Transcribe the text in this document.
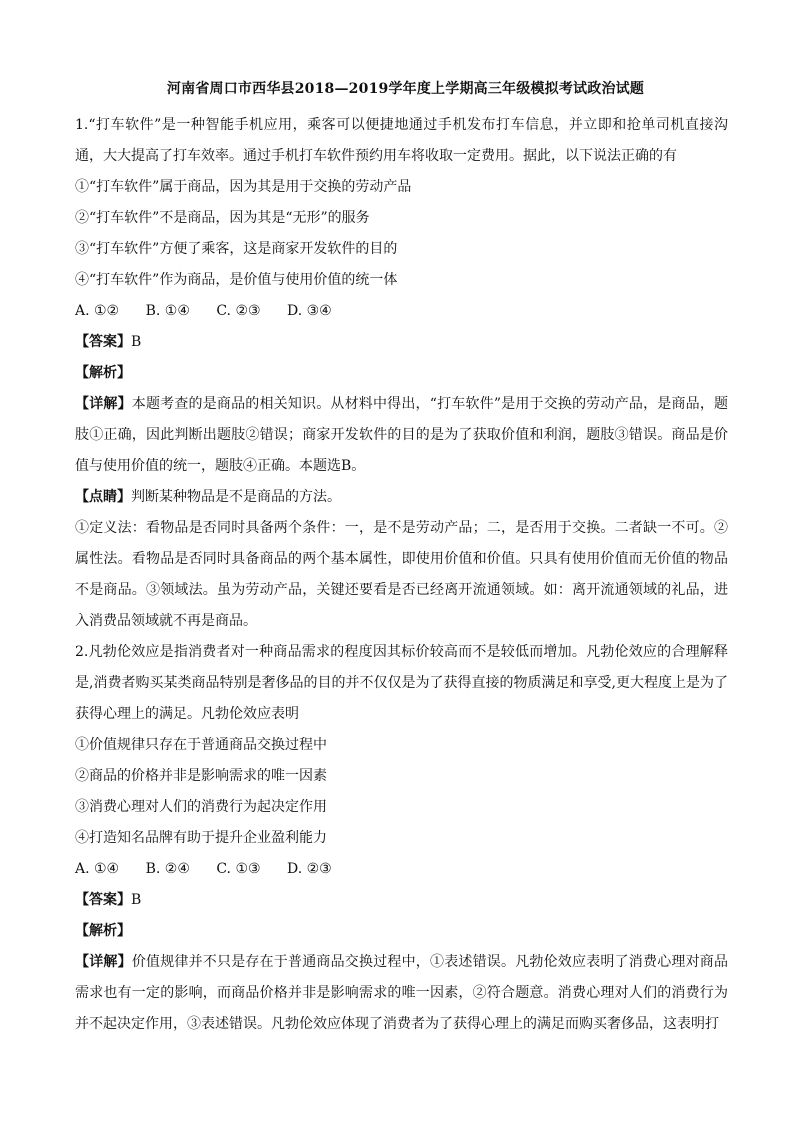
河南省周口市西华县2018—2019学年度上学期高三年级模拟考试政治试题
1.“打车软件”是一种智能手机应用，乘客可以便捷地通过手机发布打车信息，并立即和抢单司机直接沟通，大大提高了打车效率。通过手机打车软件预约用车将收取一定费用。据此，以下说法正确的有
①“打车软件”属于商品，因为其是用于交换的劳动产品
②“打车软件”不是商品，因为其是“无形”的服务
③“打车软件”方便了乘客，这是商家开发软件的目的
④“打车软件”作为商品，是价值与使用价值的统一体
A. ①② B. ①④ C. ②③ D. ③④
【答案】B
【解析】
【详解】本题考查的是商品的相关知识。从材料中得出，“打车软件”是用于交换的劳动产品，是商品，题肢①正确，因此判断出题肢②错误；商家开发软件的目的是为了获取价值和利润，题肢③错误。商品是价值与使用价值的统一，题肢④正确。本题选B。
【点睛】判断某种物品是不是商品的方法。
①定义法：看物品是否同时具备两个条件：一，是不是劳动产品；二，是否用于交换。二者缺一不可。②属性法。看物品是否同时具备商品的两个基本属性，即使用价值和价值。只具有使用价值而无价值的物品不是商品。③领域法。虽为劳动产品，关键还要看是否已经离开流通领域。如：离开流通领域的礼品，进入消费品领域就不再是商品。
2.凡勃伦效应是指消费者对一种商品需求的程度因其标价较高而不是较低而增加。凡勃伦效应的合理解释是,消费者购买某类商品特别是奢侈品的目的并不仅仅是为了获得直接的物质满足和享受,更大程度上是为了获得心理上的满足。凡勃伦效应表明
①价值规律只存在于普通商品交换过程中
②商品的价格并非是影响需求的唯一因素
③消费心理对人们的消费行为起决定作用
④打造知名品牌有助于提升企业盈利能力
A. ①④ B. ②④ C. ①③ D. ②③
【答案】B
【解析】
【详解】价值规律并不只是存在于普通商品交换过程中，①表述错误。凡勃伦效应表明了消费心理对商品需求也有一定的影响，而商品价格并非是影响需求的唯一因素，②符合题意。消费心理对人们的消费行为并不起决定作用，③表述错误。凡勃伦效应体现了消费者为了获得心理上的满足而购买奢侈品，这表明打
